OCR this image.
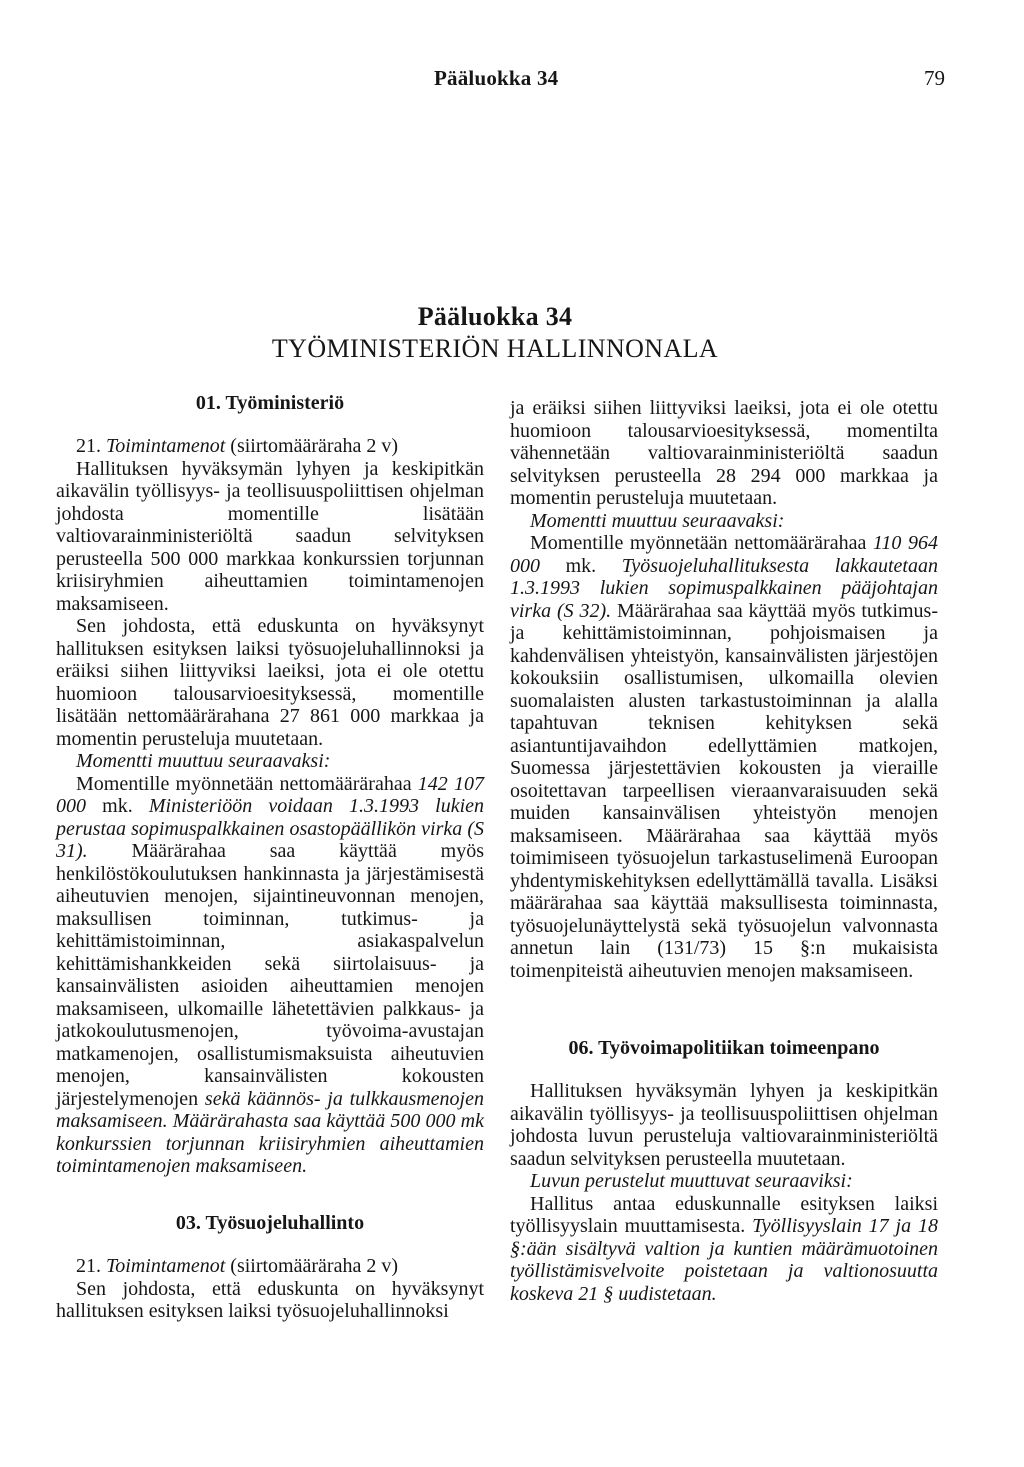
Pääluokka 34	79
Pääluokka 34
TYÖMINISTERIÖN HALLINNONALA

01. Työministeriö

21. Toimintamenot (siirtomääräraha 2 v)

Hallituksen hyväksymän lyhyen ja keskipitkän aikavälin työllisyys- ja teollisuuspoliittisen ohjelman johdosta momentille lisätään valtiovarainministeriöltä saadun selvityksen perusteella 500 000 markkaa konkurssien torjunnan kriisiryhmien aiheuttamien toimintamenojen maksamiseen.

Sen johdosta, että eduskunta on hyväksynyt hallituksen esityksen laiksi työsuojeluhallinnoksi ja eräiksi siihen liittyviksi laeiksi, jota ei ole otettu huomioon talousarvioesityksessä, momentille lisätään nettomäärärahana 27 861 000 markkaa ja momentin perusteluja muutetaan.

Momentti muuttuu seuraavaksi:

Momentille myönnetään nettomäärärahaa 142 107 000 mk. Ministeriöön voidaan 1.3.1993 lukien perustaa sopimuspalkkainen osastopäällikön virka (S 31). Määrärahaa saa käyttää myös henkilöstökoulutuksen hankinnasta ja järjestämisestä aiheutuvien menojen, sijaintineuvonnan menojen, maksullisen toiminnan, tutkimus- ja kehittämistoiminnan, asiakaspalvelun kehittämishankkeiden sekä siirtolaisuus- ja kansainvälisten asioiden aiheuttamien menojen maksamiseen, ulkomaille lähetettävien palkkaus- ja jatkokoulutusmenojen, työvoima-avustajan matkamenojen, osallistumismaksuista aiheutuvien menojen, kansainvälisten kokousten järjestelymenojen sekä käännös- ja tulkkausmenojen maksamiseen. Määrärahasta saa käyttää 500 000 mk konkurssien torjunnan kriisiryhmien aiheuttamien toimintamenojen maksamiseen.

03. Työsuojeluhallinto

21. Toimintamenot (siirtomääräraha 2 v)

Sen johdosta, että eduskunta on hyväksynyt hallituksen esityksen laiksi työsuojeluhallinnoksi

ja eräiksi siihen liittyviksi laeiksi, jota ei ole otettu huomioon talousarvioesityksessä, momentilta vähennetään valtiovarainministeriöltä saadun selvityksen perusteella 28 294 000 markkaa ja momentin perusteluja muutetaan.

Momentti muuttuu seuraavaksi:

Momentille myönnetään nettomäärärahaa 110 964 000 mk. Työsuojeluhallituksesta lakkautetaan 1.3.1993 lukien sopimuspalkkainen pääjohtajan virka (S 32). Määrärahaa saa käyttää myös tutkimus- ja kehittämistoiminnan, pohjoismaisen ja kahdenvälisen yhteistyön, kansainvälisten järjestöjen kokouksiin osallistumisen, ulkomailla olevien suomalaisten alusten tarkastustoiminnan ja alalla tapahtuvan teknisen kehityksen sekä asiantuntijavaihdon edellyttämien matkojen, Suomessa järjestettävien kokousten ja vieraille osoitettavan tarpeellisen vieraanvaraisuuden sekä muiden kansainvälisen yhteistyön menojen maksamiseen. Määrärahaa saa käyttää myös toimimiseen työsuojelun tarkastuselimenä Euroopan yhdentymiskehityksen edellyttämällä tavalla. Lisäksi määrärahaa saa käyttää maksullisesta toiminnasta, työsuojelunäyttelystä sekä työsuojelun valvonnasta annetun lain (131/73) 15 §:n mukaisista toimenpiteistä aiheutuvien menojen maksamiseen.

06. Työvoimapolitiikan toimeenpano

Hallituksen hyväksymän lyhyen ja keskipitkän aikavälin työllisyys- ja teollisuuspoliittisen ohjelman johdosta luvun perusteluja valtiovarainministeriöltä saadun selvityksen perusteella muutetaan.

Luvun perustelut muuttuvat seuraaviksi:

Hallitus antaa eduskunnalle esityksen laiksi työllisyyslain muuttamisesta. Työllisyyslain 17 ja 18 §:ään sisältyvä valtion ja kuntien määrämuotoinen työllistämisvelvoite poistetaan ja valtionosuutta koskeva 21 § uudistetaan.
